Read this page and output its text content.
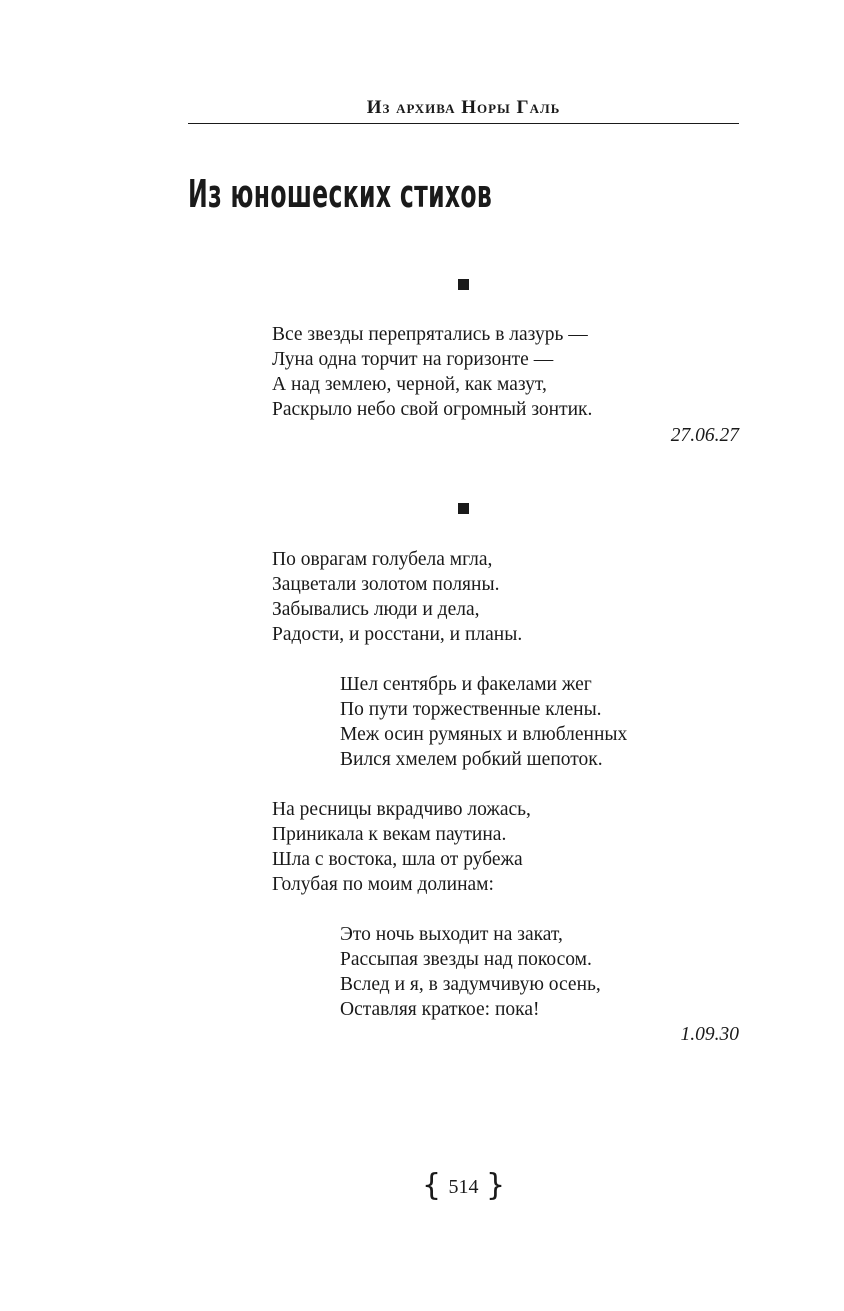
Из архива Норы Галь
Из юношеских стихов
Все звезды перепрятались в лазурь —
Луна одна торчит на горизонте —
А над землею, черной, как мазут,
Раскрыло небо свой огромный зонтик.
27.06.27
По оврагам голубела мгла,
Зацветали золотом поляны.
Забывались люди и дела,
Радости, и росстани, и планы.
Шел сентябрь и факелами жег
По пути торжественные клены.
Меж осин румяных и влюбленных
Вился хмелем робкий шепоток.
На ресницы вкрадчиво ложась,
Приникала к векам паутина.
Шла с востока, шла от рубежа
Голубая по моим долинам:
Это ночь выходит на закат,
Рассыпая звезды над покосом.
Вслед и я, в задумчивую осень,
Оставляя краткое: пока!
1.09.30
{ 514 }
